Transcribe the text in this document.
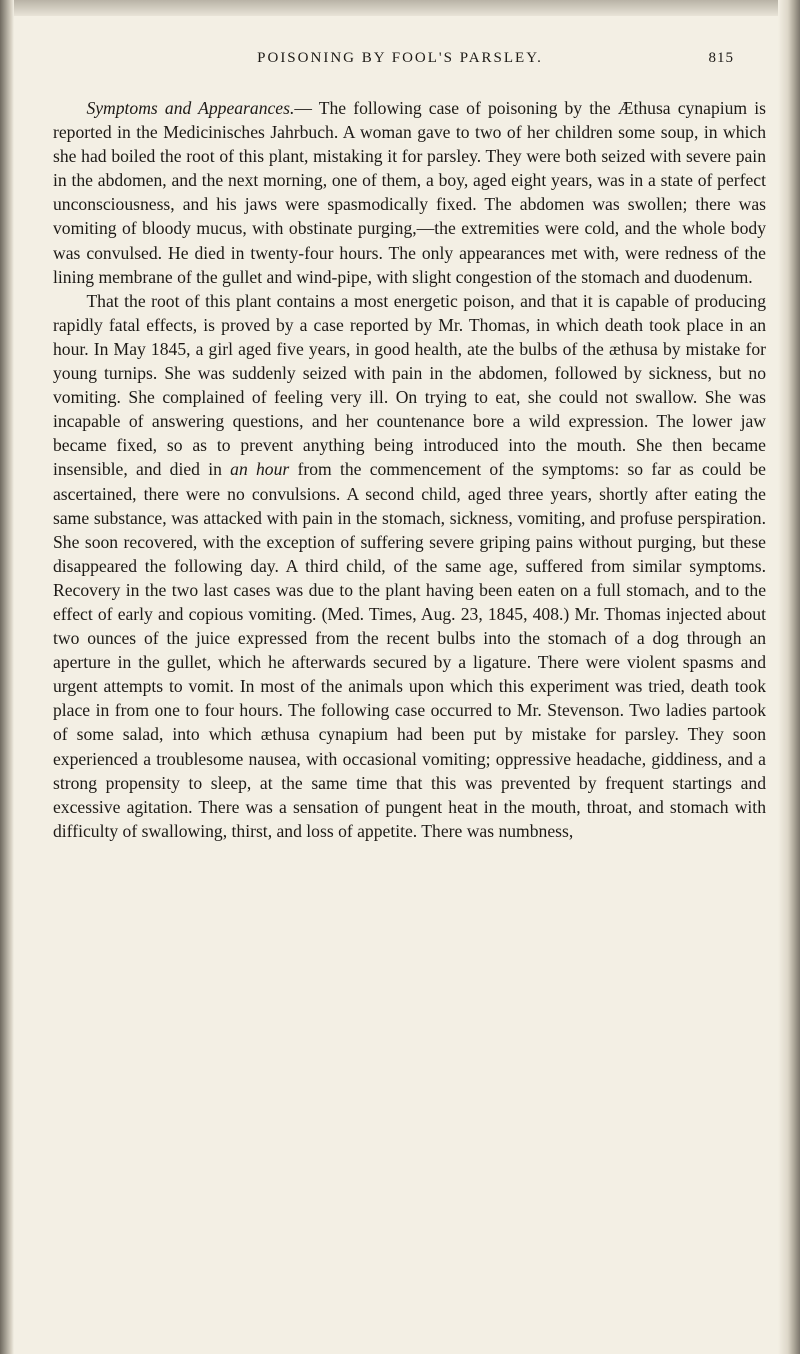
POISONING BY FOOL'S PARSLEY.	815

Symptoms and Appearances.— The following case of poisoning by the Æthusa cynapium is reported in the Medicinisches Jahrbuch. A woman gave to two of her children some soup, in which she had boiled the root of this plant, mistaking it for parsley. They were both seized with severe pain in the abdomen, and the next morning, one of them, a boy, aged eight years, was in a state of perfect unconsciousness, and his jaws were spasmodically fixed. The abdomen was swollen; there was vomiting of bloody mucus, with obstinate purging,—the extremities were cold, and the whole body was convulsed. He died in twenty-four hours. The only appearances met with, were redness of the lining membrane of the gullet and wind-pipe, with slight congestion of the stomach and duodenum.

That the root of this plant contains a most energetic poison, and that it is capable of producing rapidly fatal effects, is proved by a case reported by Mr. Thomas, in which death took place in an hour. In May 1845, a girl aged five years, in good health, ate the bulbs of the æthusa by mistake for young turnips. She was suddenly seized with pain in the abdomen, followed by sickness, but no vomiting. She complained of feeling very ill. On trying to eat, she could not swallow. She was incapable of answering questions, and her countenance bore a wild expression. The lower jaw became fixed, so as to prevent anything being introduced into the mouth. She then became insensible, and died in an hour from the commencement of the symptoms: so far as could be ascertained, there were no convulsions. A second child, aged three years, shortly after eating the same substance, was attacked with pain in the stomach, sickness, vomiting, and profuse perspiration. She soon recovered, with the exception of suffering severe griping pains without purging, but these disappeared the following day. A third child, of the same age, suffered from similar symptoms. Recovery in the two last cases was due to the plant having been eaten on a full stomach, and to the effect of early and copious vomiting. (Med. Times, Aug. 23, 1845, 408.) Mr. Thomas injected about two ounces of the juice expressed from the recent bulbs into the stomach of a dog through an aperture in the gullet, which he afterwards secured by a ligature. There were violent spasms and urgent attempts to vomit. In most of the animals upon which this experiment was tried, death took place in from one to four hours. The following case occurred to Mr. Stevenson. Two ladies partook of some salad, into which æthusa cynapium had been put by mistake for parsley. They soon experienced a troublesome nausea, with occasional vomiting; oppressive headache, giddiness, and a strong propensity to sleep, at the same time that this was prevented by frequent startings and excessive agitation. There was a sensation of pungent heat in the mouth, throat, and stomach with difficulty of swallowing, thirst, and loss of appetite. There was numbness,
